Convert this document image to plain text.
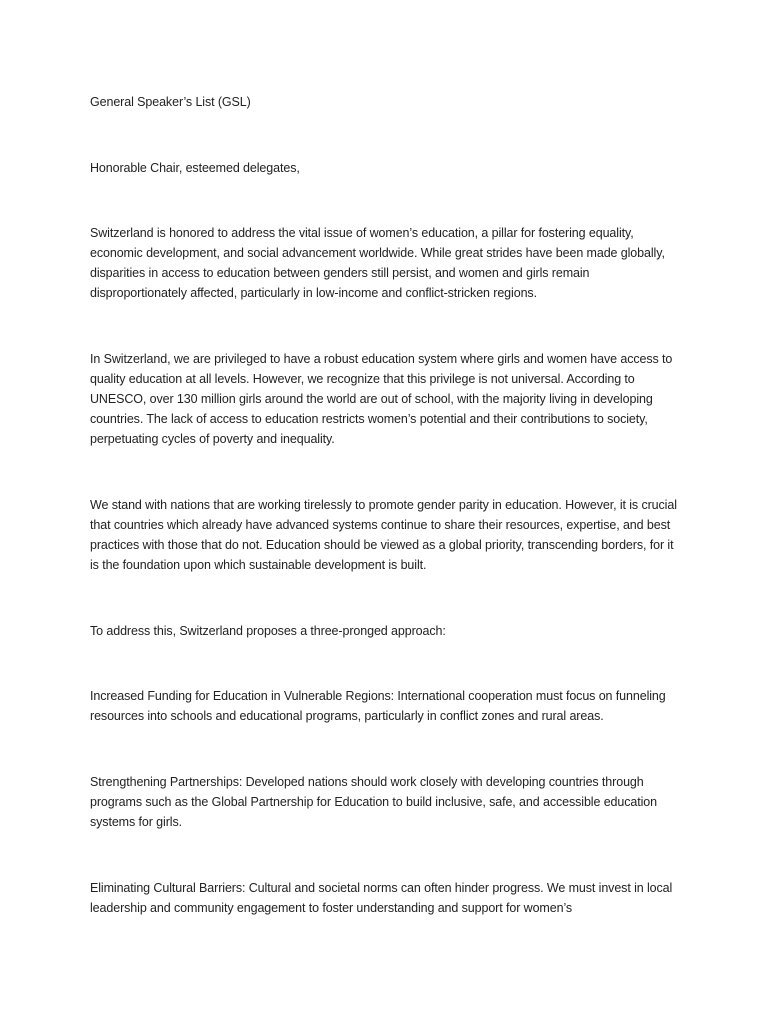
General Speaker’s List (GSL)

Honorable Chair, esteemed delegates,

Switzerland is honored to address the vital issue of women’s education, a pillar for fostering equality, economic development, and social advancement worldwide. While great strides have been made globally, disparities in access to education between genders still persist, and women and girls remain disproportionately affected, particularly in low-income and conflict-stricken regions.

In Switzerland, we are privileged to have a robust education system where girls and women have access to quality education at all levels. However, we recognize that this privilege is not universal. According to UNESCO, over 130 million girls around the world are out of school, with the majority living in developing countries. The lack of access to education restricts women’s potential and their contributions to society, perpetuating cycles of poverty and inequality.

We stand with nations that are working tirelessly to promote gender parity in education. However, it is crucial that countries which already have advanced systems continue to share their resources, expertise, and best practices with those that do not. Education should be viewed as a global priority, transcending borders, for it is the foundation upon which sustainable development is built.

To address this, Switzerland proposes a three-pronged approach:

Increased Funding for Education in Vulnerable Regions: International cooperation must focus on funneling resources into schools and educational programs, particularly in conflict zones and rural areas.

Strengthening Partnerships: Developed nations should work closely with developing countries through programs such as the Global Partnership for Education to build inclusive, safe, and accessible education systems for girls.

Eliminating Cultural Barriers: Cultural and societal norms can often hinder progress. We must invest in local leadership and community engagement to foster understanding and support for women’s
